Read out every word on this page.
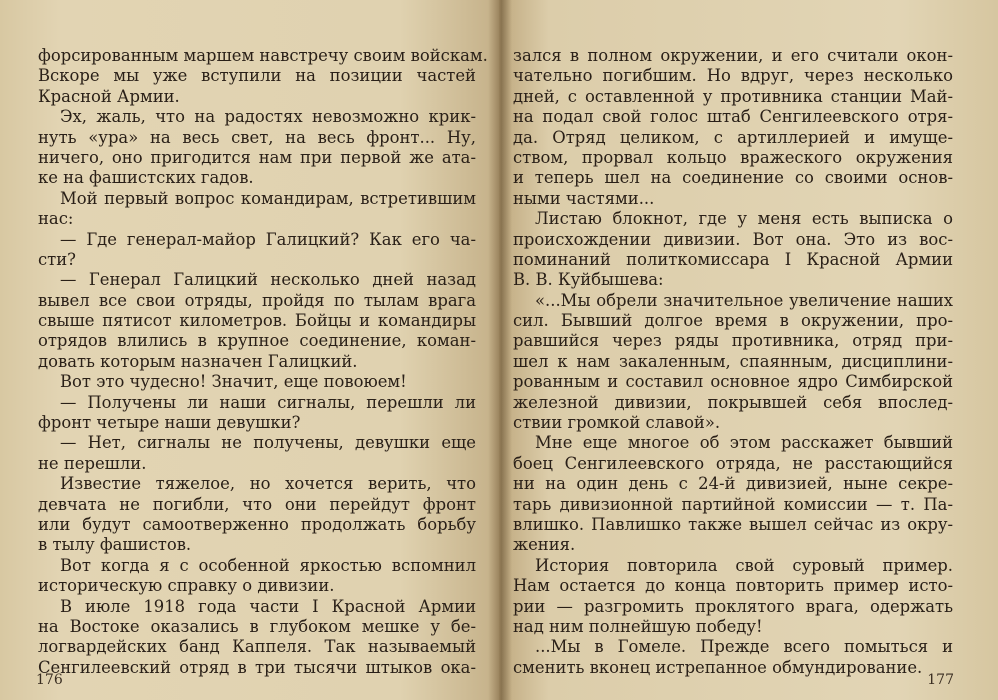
форсированным маршем навстречу своим войскам.
Вскоре мы уже вступили на позиции частей
Красной Армии.
Эх, жаль, что на радостях невозможно крик-
нуть «ура» на весь свет, на весь фронт... Ну,
ничего, оно пригодится нам при первой же ата-
ке на фашистских гадов.
Мой первый вопрос командирам, встретившим
нас:
— Где генерал-майор Галицкий? Как его ча-
сти?
— Генерал Галицкий несколько дней назад
вывел все свои отряды, пройдя по тылам врага
свыше пятисот километров. Бойцы и командиры
отрядов влились в крупное соединение, коман-
довать которым назначен Галицкий.
Вот это чудесно! Значит, еще повоюем!
— Получены ли наши сигналы, перешли ли
фронт четыре наши девушки?
— Нет, сигналы не получены, девушки еще
не перешли.
Известие тяжелое, но хочется верить, что
девчата не погибли, что они перейдут фронт
или будут самоотверженно продолжать борьбу
в тылу фашистов.
Вот когда я с особенной яркостью вспомнил
историческую справку о дивизии.
В июле 1918 года части I Красной Армии
на Востоке оказались в глубоком мешке у бе-
логвардейских банд Каппеля. Так называемый
Сенгилеевский отряд в три тысячи штыков ока-
176
зался в полном окружении, и его считали окон-
чательно погибшим. Но вдруг, через несколько
дней, с оставленной у противника станции Май-
на подал свой голос штаб Сенгилеевского отря-
да. Отряд целиком, с артиллерией и имуще-
ством, прорвал кольцо вражеского окружения
и теперь шел на соединение со своими основ-
ными частями...
Листаю блокнот, где у меня есть выписка о
происхождении дивизии. Вот она. Это из вос-
поминаний политкомиссара I Красной Армии
В. В. Куйбышева:
«...Мы обрели значительное увеличение наших
сил. Бывший долгое время в окружении, про-
равшийся через ряды противника, отряд при-
шел к нам закаленным, спаянным, дисциплини-
рованным и составил основное ядро Симбирской
железной дивизии, покрывшей себя впослед-
ствии громкой славой».
Мне еще многое об этом расскажет бывший
боец Сенгилеевского отряда, не расстающийся
ни на один день с 24-й дивизией, ныне секре-
тарь дивизионной партийной комиссии — т. Па-
влишко. Павлишко также вышел сейчас из окру-
жения.
История повторила свой суровый пример.
Нам остается до конца повторить пример исто-
рии — разгромить проклятого врага, одержать
над ним полнейшую победу!
...Мы в Гомеле. Прежде всего помыться и
сменить вконец истрепанное обмундирование.
177
